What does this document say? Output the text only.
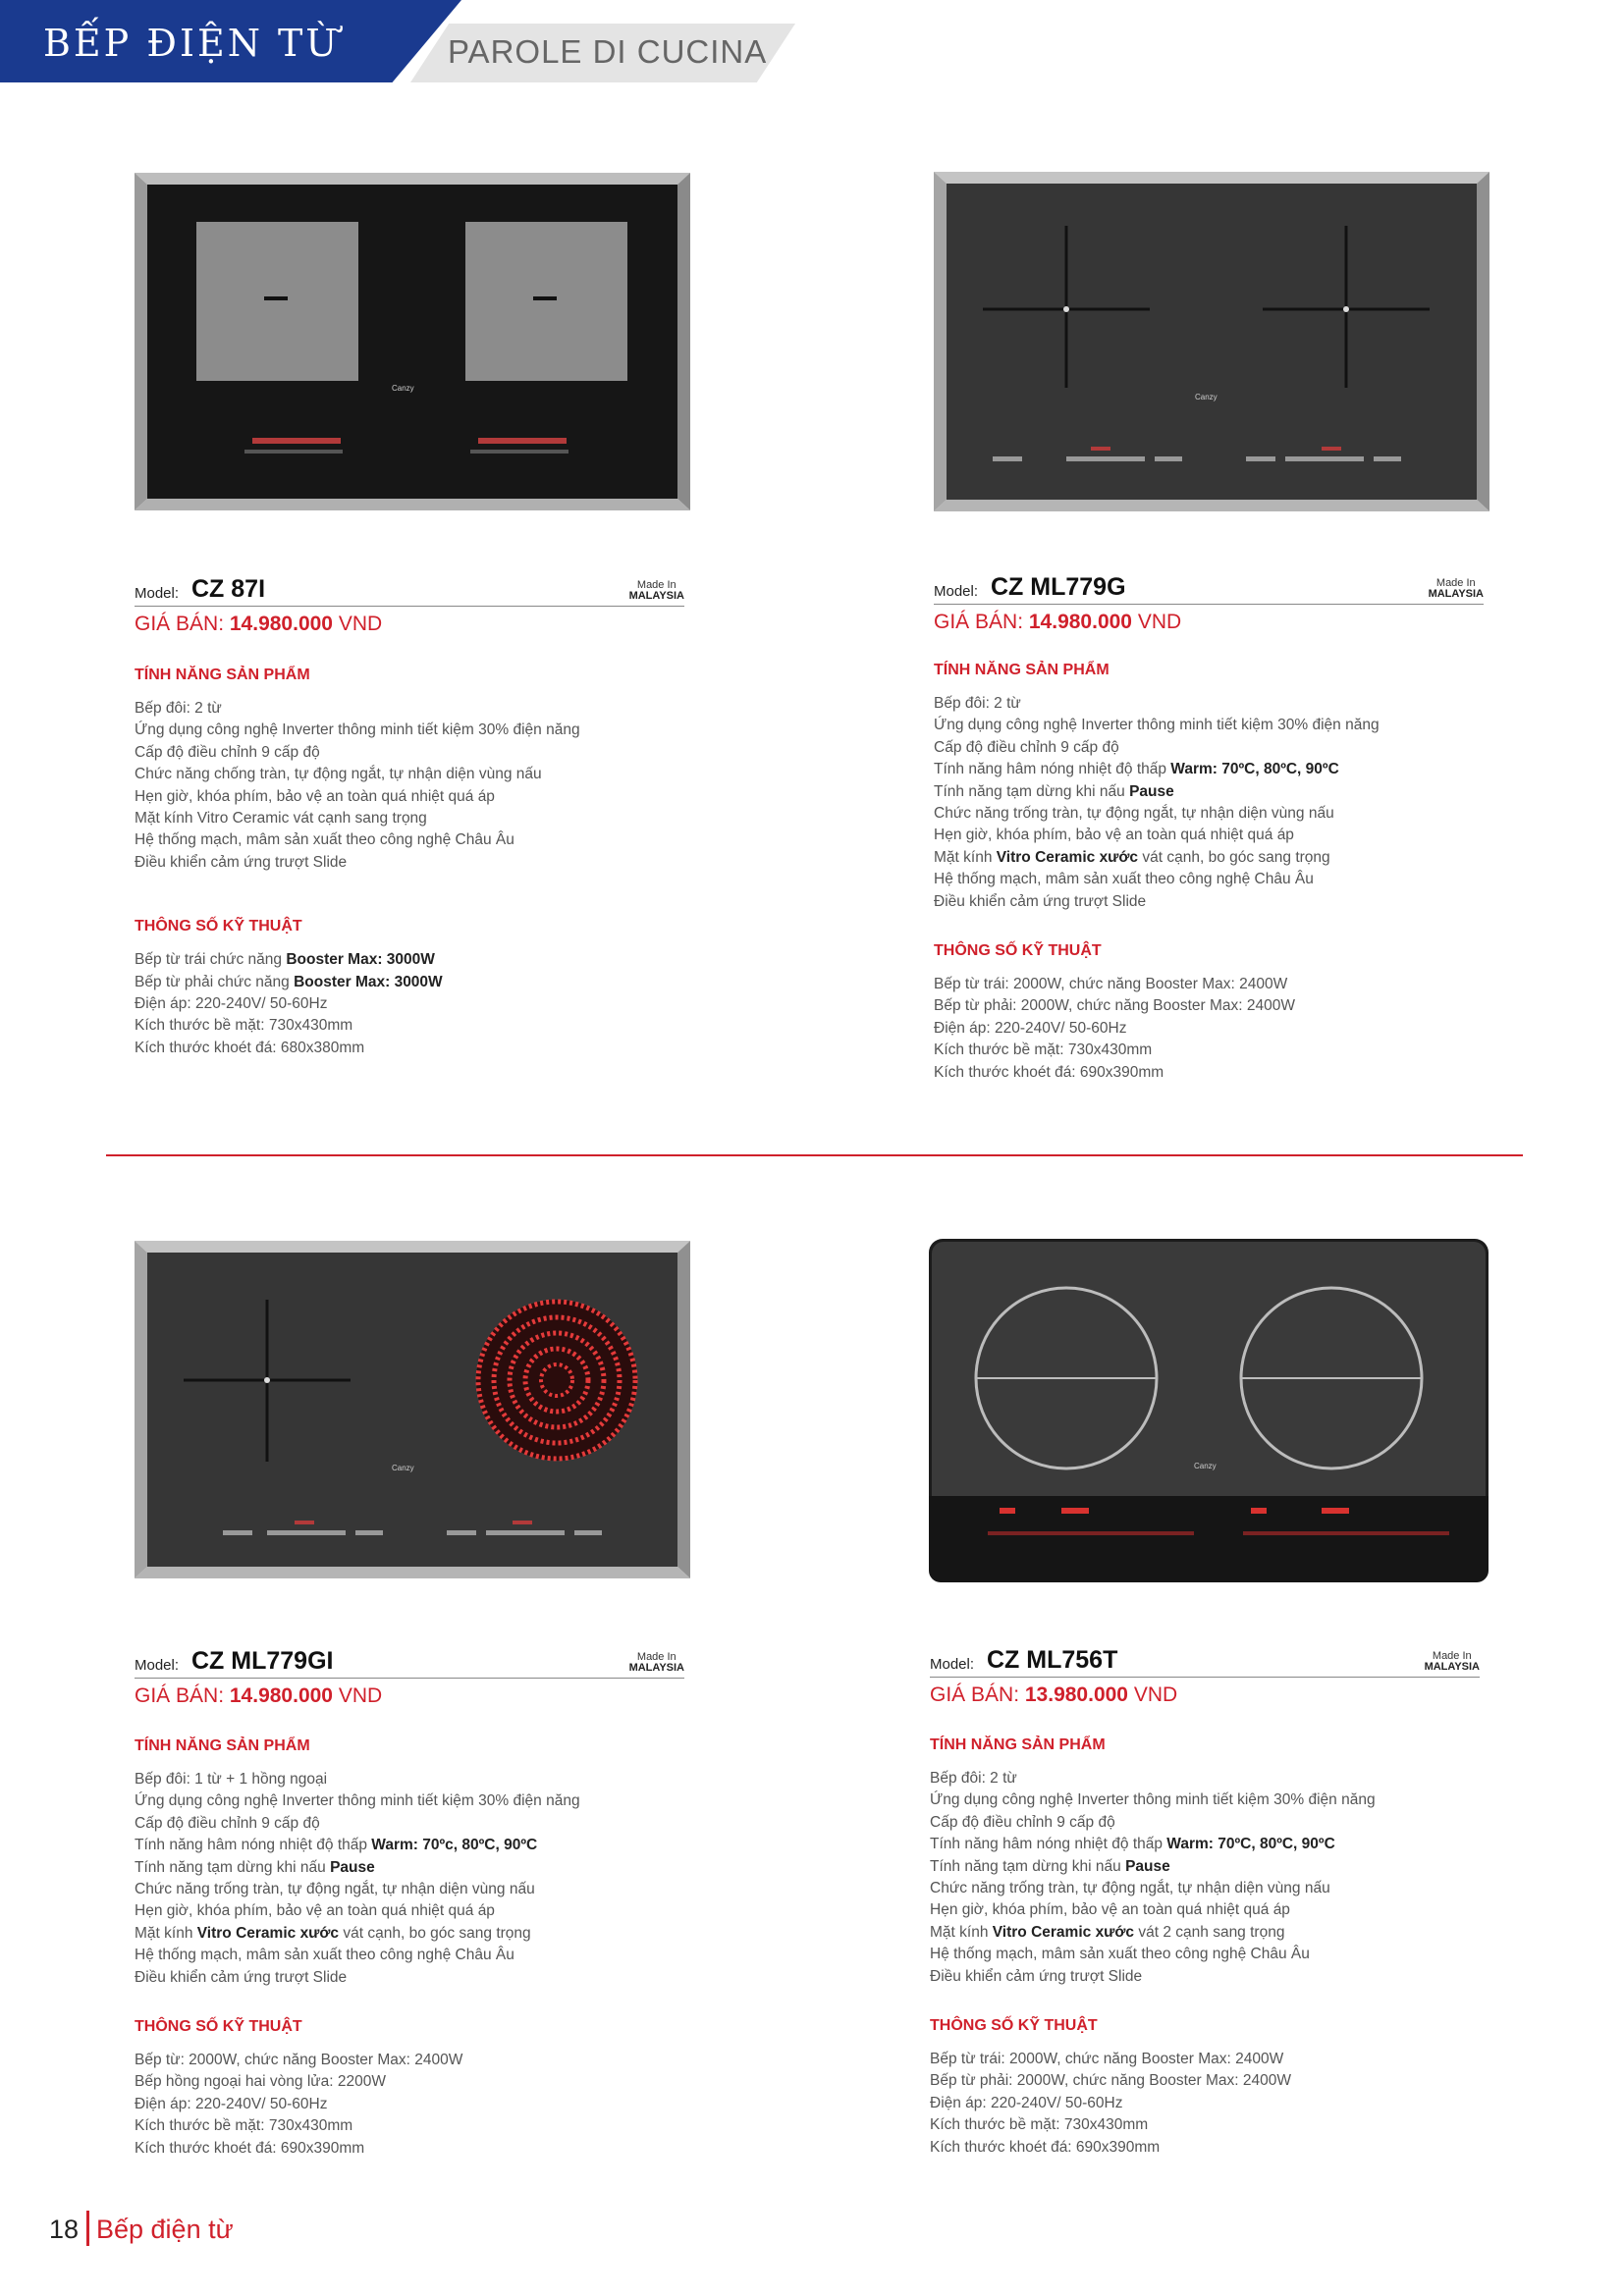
BẾP ĐIỆN TỪ	PAROLE DI CUCINA
Canzy
Canzy
Canzy	Canzy
Model: CZ 87I	Made In
MALAYSIA
GIÁ BÁN: 14.980.000 VND
TÍNH NĂNG SẢN PHẨM
Bếp đôi: 2 từ
Ứng dụng công nghệ Inverter thông minh tiết kiệm 30% điện năng
Cấp độ điều chỉnh 9 cấp độ
Chức năng chống tràn, tự động ngắt, tự nhận diện vùng nấu
Hẹn giờ, khóa phím, bảo vệ an toàn quá nhiệt quá áp
Mặt kính Vitro Ceramic vát cạnh sang trọng
Hệ thống mạch, mâm sản xuất theo công nghệ Châu Âu
Điều khiển cảm ứng trượt Slide
THÔNG SỐ KỸ THUẬT
Bếp từ trái chức năng Booster Max: 3000W
Bếp từ phải chức năng Booster Max: 3000W
Điện áp: 220-240V/ 50-60Hz
Kích thước bề mặt: 730x430mm
Kích thước khoét đá: 680x380mm
Model: CZ ML779G	Made In
MALAYSIA
GIÁ BÁN: 14.980.000 VND
TÍNH NĂNG SẢN PHẨM
Bếp đôi: 2 từ
Ứng dụng công nghệ Inverter thông minh tiết kiệm 30% điện năng
Cấp độ điều chỉnh 9 cấp độ
Tính năng hâm nóng nhiệt độ thấp Warm: 70ºC, 80ºC, 90ºC
Tính năng tạm dừng khi nấu Pause
Chức năng trống tràn, tự động ngắt, tự nhận diện vùng nấu
Hẹn giờ, khóa phím, bảo vệ an toàn quá nhiệt quá áp
Mặt kính Vitro Ceramic xước vát cạnh, bo góc sang trọng
Hệ thống mạch, mâm sản xuất theo công nghệ Châu Âu
Điều khiển cảm ứng trượt Slide
THÔNG SỐ KỸ THUẬT
Bếp từ trái: 2000W, chức năng Booster Max: 2400W
Bếp từ phải: 2000W, chức năng Booster Max: 2400W
Điện áp: 220-240V/ 50-60Hz
Kích thước bề mặt: 730x430mm
Kích thước khoét đá: 690x390mm
Model: CZ ML779GI	Made In
MALAYSIA
GIÁ BÁN: 14.980.000 VND
TÍNH NĂNG SẢN PHẨM
Bếp đôi: 1 từ + 1 hồng ngoại
Ứng dụng công nghệ Inverter thông minh tiết kiệm 30% điện năng
Cấp độ điều chỉnh 9 cấp độ
Tính năng hâm nóng nhiệt độ thấp Warm: 70ºc, 80ºC, 90ºC
Tính năng tạm dừng khi nấu Pause
Chức năng trống tràn, tự động ngắt, tự nhận diện vùng nấu
Hẹn giờ, khóa phím, bảo vệ an toàn quá nhiệt quá áp
Mặt kính Vitro Ceramic xước vát cạnh, bo góc sang trọng
Hệ thống mạch, mâm sản xuất theo công nghệ Châu Âu
Điều khiển cảm ứng trượt Slide
THÔNG SỐ KỸ THUẬT
Bếp từ: 2000W, chức năng Booster Max: 2400W
Bếp hồng ngoại hai vòng lửa: 2200W
Điện áp: 220-240V/ 50-60Hz
Kích thước bề mặt: 730x430mm
Kích thước khoét đá: 690x390mm
Model: CZ ML756T	Made In
MALAYSIA
GIÁ BÁN: 13.980.000 VND
TÍNH NĂNG SẢN PHẨM
Bếp đôi: 2 từ
Ứng dụng công nghệ Inverter thông minh tiết kiệm 30% điện năng
Cấp độ điều chỉnh 9 cấp độ
Tính năng hâm nóng nhiệt độ thấp Warm: 70ºC, 80ºC, 90ºC
Tính năng tạm dừng khi nấu Pause
Chức năng trống tràn, tự động ngắt, tự nhận diện vùng nấu
Hẹn giờ, khóa phím, bảo vệ an toàn quá nhiệt quá áp
Mặt kính Vitro Ceramic xước vát 2 cạnh sang trọng
Hệ thống mạch, mâm sản xuất theo công nghệ Châu Âu
Điều khiển cảm ứng trượt Slide
THÔNG SỐ KỸ THUẬT
Bếp từ trái: 2000W, chức năng Booster Max: 2400W
Bếp từ phải: 2000W, chức năng Booster Max: 2400W
Điện áp: 220-240V/ 50-60Hz
Kích thước bề mặt: 730x430mm
Kích thước khoét đá: 690x390mm
18 Bếp điện từ
